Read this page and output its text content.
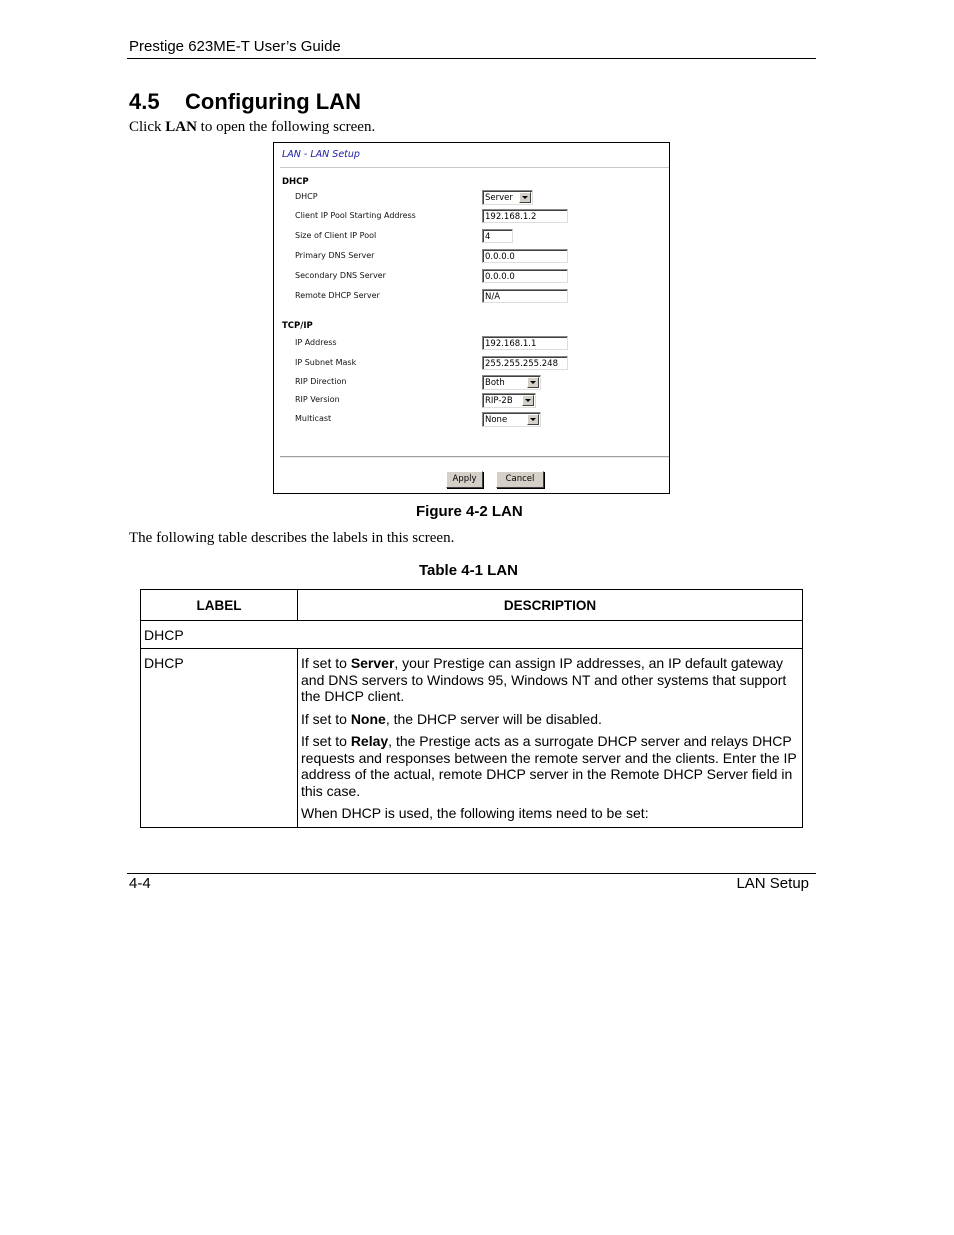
Prestige 623ME-T User’s Guide
4.5 Configuring LAN
Click LAN to open the following screen.
LAN - LAN Setup
DHCP
DHCP	Server
Client IP Pool Starting Address	192.168.1.2
Size of Client IP Pool	4
Primary DNS Server	0.0.0.0
Secondary DNS Server	0.0.0.0
Remote DHCP Server	N/A
TCP/IP
IP Address	192.168.1.1
IP Subnet Mask	255.255.255.248
RIP Direction	Both
RIP Version	RIP-2B
Multicast	None
Apply	Cancel
Figure 4-2 LAN
The following table describes the labels in this screen.
Table 4-1 LAN
LABEL	DESCRIPTION
DHCP	

DHCP	If set to Server, your Prestige can assign IP addresses, an IP default gateway and DNS servers to Windows 95, Windows NT and other systems that support the DHCP client.

If set to None, the DHCP server will be disabled.

If set to Relay, the Prestige acts as a surrogate DHCP server and relays DHCP requests and responses between the remote server and the clients. Enter the IP address of the actual, remote DHCP server in the Remote DHCP Server field in this case.

When DHCP is used, the following items need to be set:

4-4	LAN Setup
